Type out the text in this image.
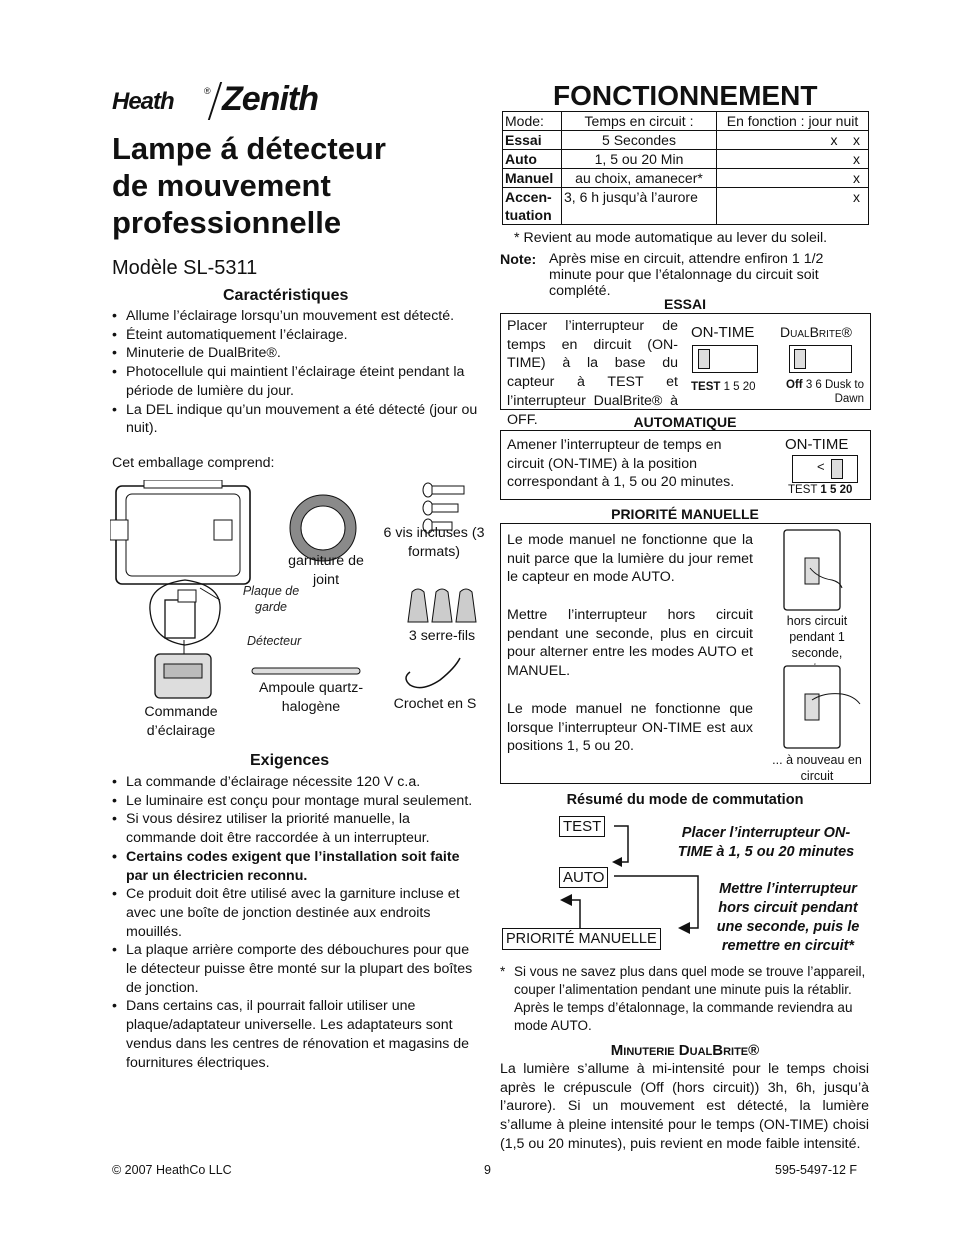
Heath	® Zenith
Lampe á détecteur
de mouvement
professionnelle
Modèle SL-5311
Caractéristiques
• Allume l’éclairage lorsqu’un mouvement est détecté.
• Éteint automatiquement l’éclairage.
• Minuterie de DualBrite®.
• Photocellule qui maintient l’éclairage éteint pendant la période de lumière du jour.
• La DEL indique qu’un mouvement a été détecté (jour ou nuit).
Cet emballage comprend:
garniture de joint
6 vis incluses (3 formats)
Plaque de garde
Détecteur	3 serre-fils
Commande d’éclairage
Ampoule quartz-halogène	Crochet en S
Exigences
• La commande d’éclairage nécessite 120 V c.a.
• Le luminaire est conçu pour montage mural seulement.
• Si vous désirez utiliser la priorité manuelle, la commande doit être raccordée à un interrupteur.
• Certains codes exigent que l’installation soit faite par un électricien reconnu.
• Ce produit doit être utilisé avec la garniture incluse et avec une boîte de jonction destinée aux endroits mouillés.
• La plaque arrière comporte des débouchures pour que le détecteur puisse être monté sur la plupart des boîtes de jonction.
• Dans certains cas, il pourrait falloir utiliser une plaque/adaptateur universelle. Les adaptateurs sont vendus dans les centres de rénovation et magasins de fournitures électriques.
FONCTIONNEMENT
Mode:	Temps en circuit :	En fonction : jour nuit
Essai	5 Secondes	x    x
Auto	1, 5 ou 20 Min	x
Manuel	au choix, amanecer*	x
Accen-tuation	3, 6 h jusqu’à l’aurore	x
* Revient au mode automatique au lever du soleil.
Note: Après mise en circuit, attendre enfiron 1 1/2 minute pour que l’étalonnage du circuit soit complété.
ESSAI
Placer l’interrupteur de temps en dircuit (ON-TIME) à la base du capteur à TEST et l’interrupteur DualBrite® à OFF.
ON-TIME DualBrite®
TEST 1 5 20	Off 3 6 Dusk to Dawn
AUTOMATIQUE
Amener l’interrupteur de temps en circuit (ON-TIME) à la position correspondant à 1, 5 ou 20 minutes.
ON-TIME
<
TEST 1 5 20
PRIORITÉ MANUELLE
Le mode manuel ne fonctionne que la nuit parce que la lumière du jour remet le capteur en mode AUTO.
Mettre l’interrupteur hors circuit pendant une seconde, plus en circuit pour alterner entre les modes AUTO et MANUEL.
Le mode manuel ne fonctionne que lorsque l’interrupteur ON-TIME est aux positions 1, 5 ou 20.
hors circuit pendant 1 seconde,

... à nouveau en circuit
Résumé du mode de commutation
TEST
AUTO
PRIORITÉ MANUELLE
Placer l’interrupteur ON-TIME à 1, 5 ou 20 minutes
Mettre l’interrupteur hors circuit pendant une seconde, puis le remettre en circuit*
* Si vous ne savez plus dans quel mode se trouve l’appareil, couper l’alimentation pendant une minute puis la rétablir. Après le temps d’étalonnage, la commande reviendra au mode AUTO.
Minuterie DualBrite®
La lumière s’allume à mi-intensité pour le temps choisi après le crépuscule (Off (hors circuit)) 3h, 6h, jusqu’à l’aurore). Si un mouvement est détecté, la lumière s’allume à pleine intensité pour le temps (ON-TIME) choisi (1,5 ou 20 minutes), puis revient en mode faible intensité.
© 2007 HeathCo LLC	9	595-5497-12 F
